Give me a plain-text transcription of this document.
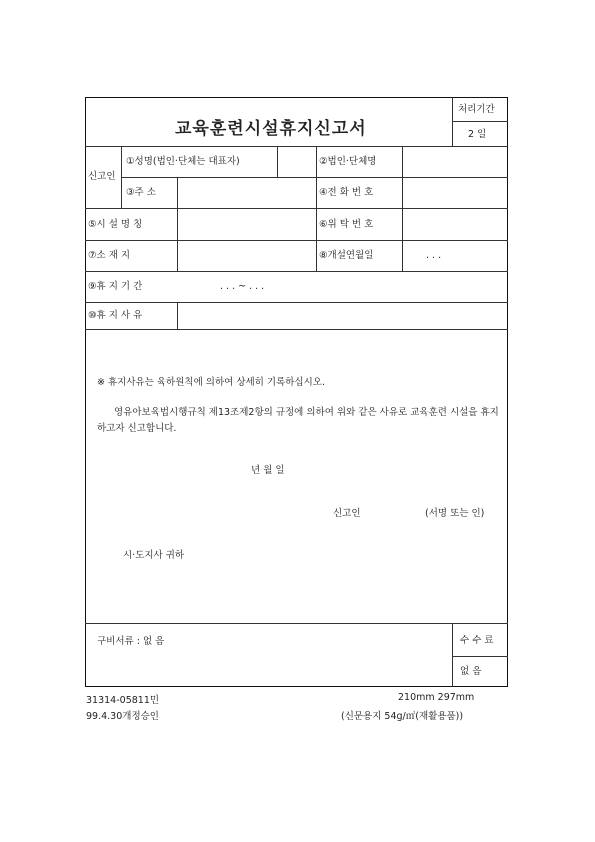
교육훈련시설휴지신고서
처리기간
2 일
신고인
①성명(법인·단체는 대표자)	②법인·단체명
③주 소	④전 화 번 호
⑤시 설 명 칭	⑥위 탁 번 호
⑦소 재 지	⑧개설연월일	. . .
⑨휴 지 기 간	. . . ~ . . .
⑩휴 지 사 유
※ 휴지사유는 육하원칙에 의하여 상세히 기록하십시오.
영유아보육법시행규칙 제13조제2항의 규정에 의하여 위와 같은 사유로 교육훈련 시설을 휴지하고자 신고합니다.
년 월 일
신고인	(서명 또는 인)
시·도지사 귀하
구비서류 : 없 음	수 수 료
없 음
31314-05811민
99.4.30개정승인
210mm 297mm
(신문용지 54g/㎡(재활용품))
